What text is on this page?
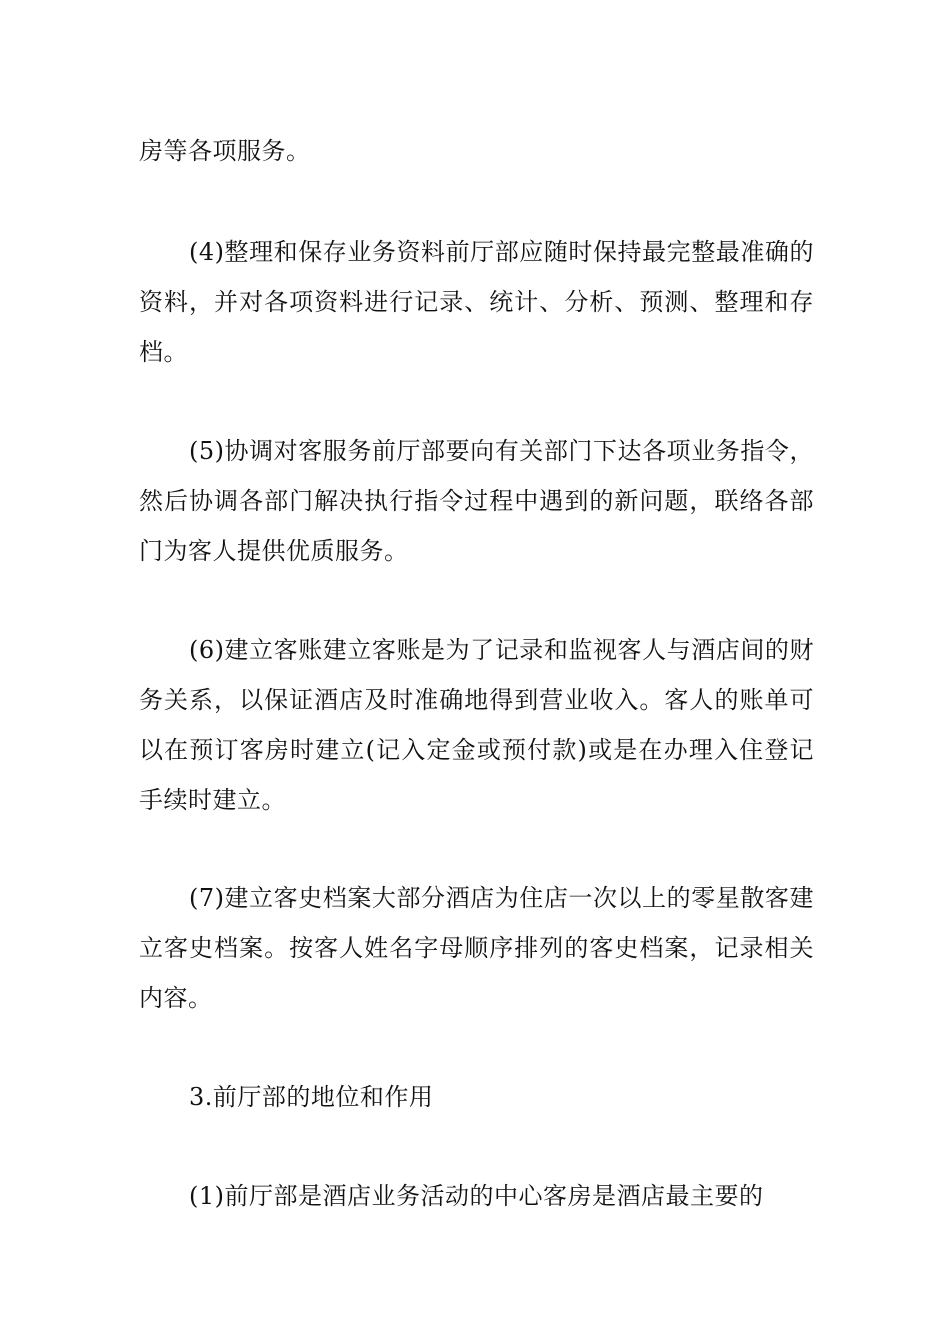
房等各项服务。

(4)整理和保存业务资料前厅部应随时保持最完整最准确的资料，并对各项资料进行记录、统计、分析、预测、整理和存档。

(5)协调对客服务前厅部要向有关部门下达各项业务指令，然后协调各部门解决执行指令过程中遇到的新问题，联络各部门为客人提供优质服务。

(6)建立客账建立客账是为了记录和监视客人与酒店间的财务关系，以保证酒店及时准确地得到营业收入。客人的账单可以在预订客房时建立(记入定金或预付款)或是在办理入住登记手续时建立。

(7)建立客史档案大部分酒店为住店一次以上的零星散客建立客史档案。按客人姓名字母顺序排列的客史档案，记录相关内容。

3.前厅部的地位和作用

(1)前厅部是酒店业务活动的中心客房是酒店最主要的
